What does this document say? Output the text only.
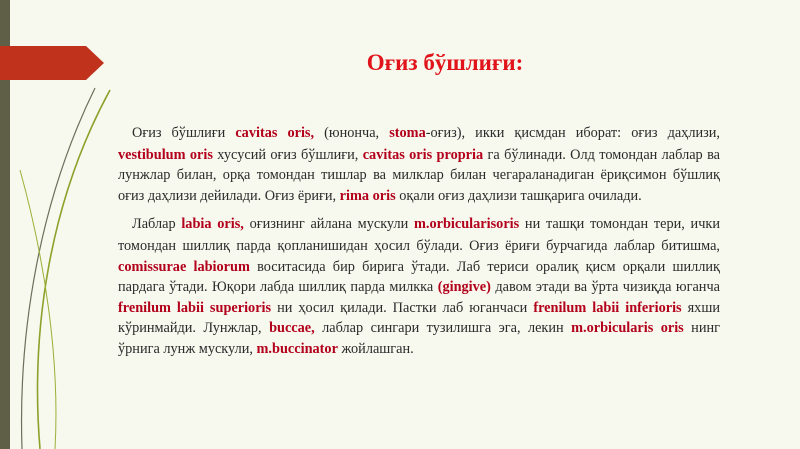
Оғиз бўшлиғи:

Оғиз бўшлиғи cavitas oris, (юнонча, stoma-оғиз), икки қисмдан иборат: оғиз даҳлизи, vestibulum oris хусусий оғиз бўшлиғи, cavitas oris propria га бўлинади. Олд томондан лаблар ва лунжлар билан, орқа томондан тишлар ва милклар билан чегараланадиган ёриқсимон бўшлиқ оғиз даҳлизи дейилади. Оғиз ёриғи, rima oris оқали оғиз даҳлизи ташқарига очилади.

Лаблар labia oris, оғизнинг айлана мускули m.orbicularisoris ни ташқи томондан тери, ички томондан шиллиқ парда қопланишидан ҳосил бўлади. Оғиз ёриғи бурчагида лаблар битишма, comissurae labiorum воситасида бир бирига ўтади. Лаб териси оралиқ қисм орқали шиллиқ пардага ўтади. Юқори лабда шиллиқ парда милкка (gingive) давом этади ва ўрта чизиқда юганча frenilum labii superioris ни ҳосил қилади. Пастки лаб юганчаси frenilum labii inferioris яхши кўринмайди. Лунжлар, buccae, лаблар сингари тузилишга эга, лекин m.orbicularis oris нинг ўрнига лунж мускули, m.buccinator жойлашган.
